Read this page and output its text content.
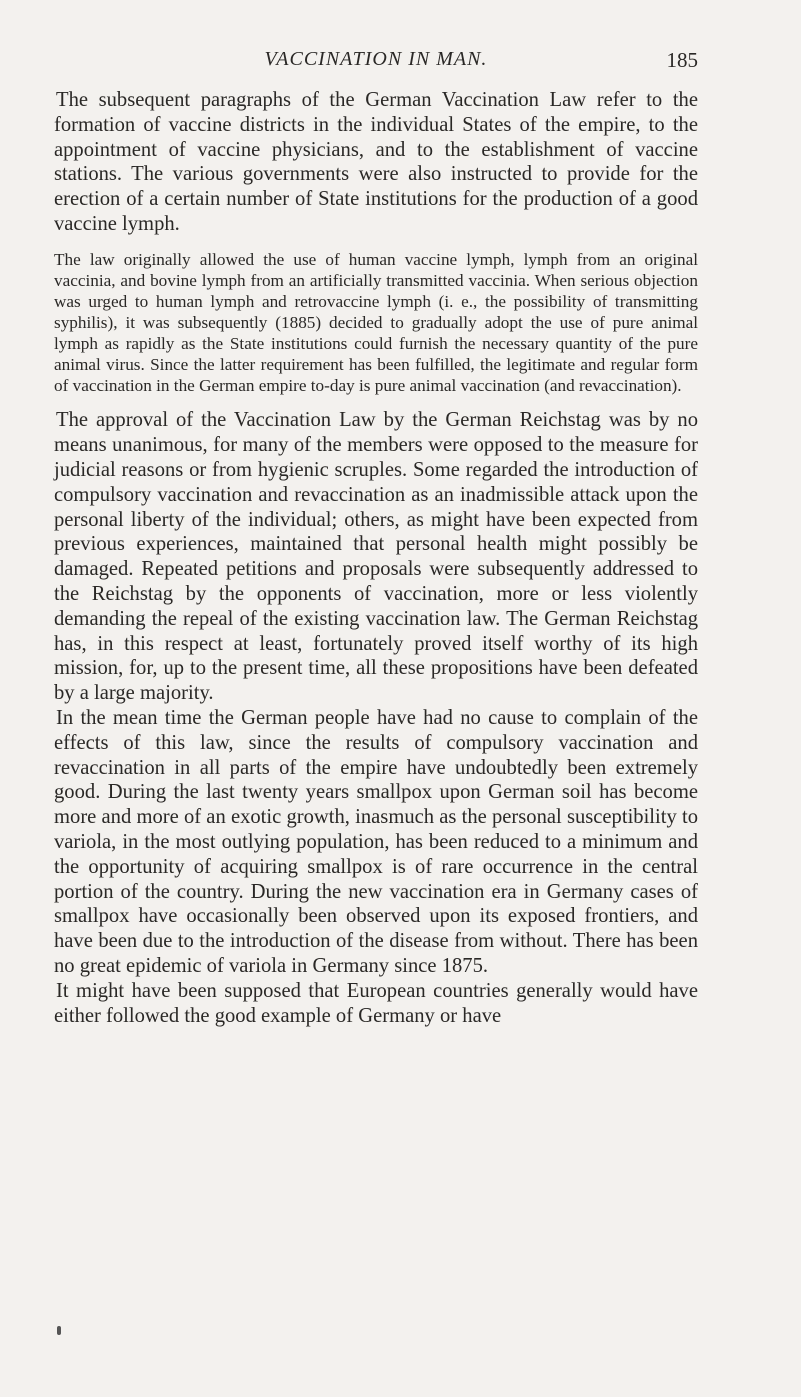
VACCINATION IN MAN.	185

The subsequent paragraphs of the German Vaccination Law refer to the formation of vaccine districts in the individual States of the empire, to the appointment of vaccine physicians, and to the establishment of vaccine stations. The various governments were also instructed to provide for the erection of a certain number of State institutions for the production of a good vaccine lymph.

The law originally allowed the use of human vaccine lymph, lymph from an original vaccinia, and bovine lymph from an artificially transmitted vaccinia. When serious objection was urged to human lymph and retrovaccine lymph (i. e., the possibility of transmitting syphilis), it was subsequently (1885) decided to gradually adopt the use of pure animal lymph as rapidly as the State institutions could furnish the necessary quantity of the pure animal virus. Since the latter requirement has been fulfilled, the legitimate and regular form of vaccination in the German empire to-day is pure animal vaccination (and revaccination).

The approval of the Vaccination Law by the German Reichstag was by no means unanimous, for many of the members were opposed to the measure for judicial reasons or from hygienic scruples. Some regarded the introduction of compulsory vaccination and revaccination as an inadmissible attack upon the personal liberty of the individual; others, as might have been expected from previous experiences, maintained that personal health might possibly be damaged. Repeated petitions and proposals were subsequently addressed to the Reichstag by the opponents of vaccination, more or less violently demanding the repeal of the existing vaccination law. The German Reichstag has, in this respect at least, fortunately proved itself worthy of its high mission, for, up to the present time, all these propositions have been defeated by a large majority.

In the mean time the German people have had no cause to complain of the effects of this law, since the results of compulsory vaccination and revaccination in all parts of the empire have undoubtedly been extremely good. During the last twenty years smallpox upon German soil has become more and more of an exotic growth, inasmuch as the personal susceptibility to variola, in the most outlying population, has been reduced to a minimum and the opportunity of acquiring smallpox is of rare occurrence in the central portion of the country. During the new vaccination era in Germany cases of smallpox have occasionally been observed upon its exposed frontiers, and have been due to the introduction of the disease from without. There has been no great epidemic of variola in Germany since 1875.

It might have been supposed that European countries generally would have either followed the good example of Germany or have
